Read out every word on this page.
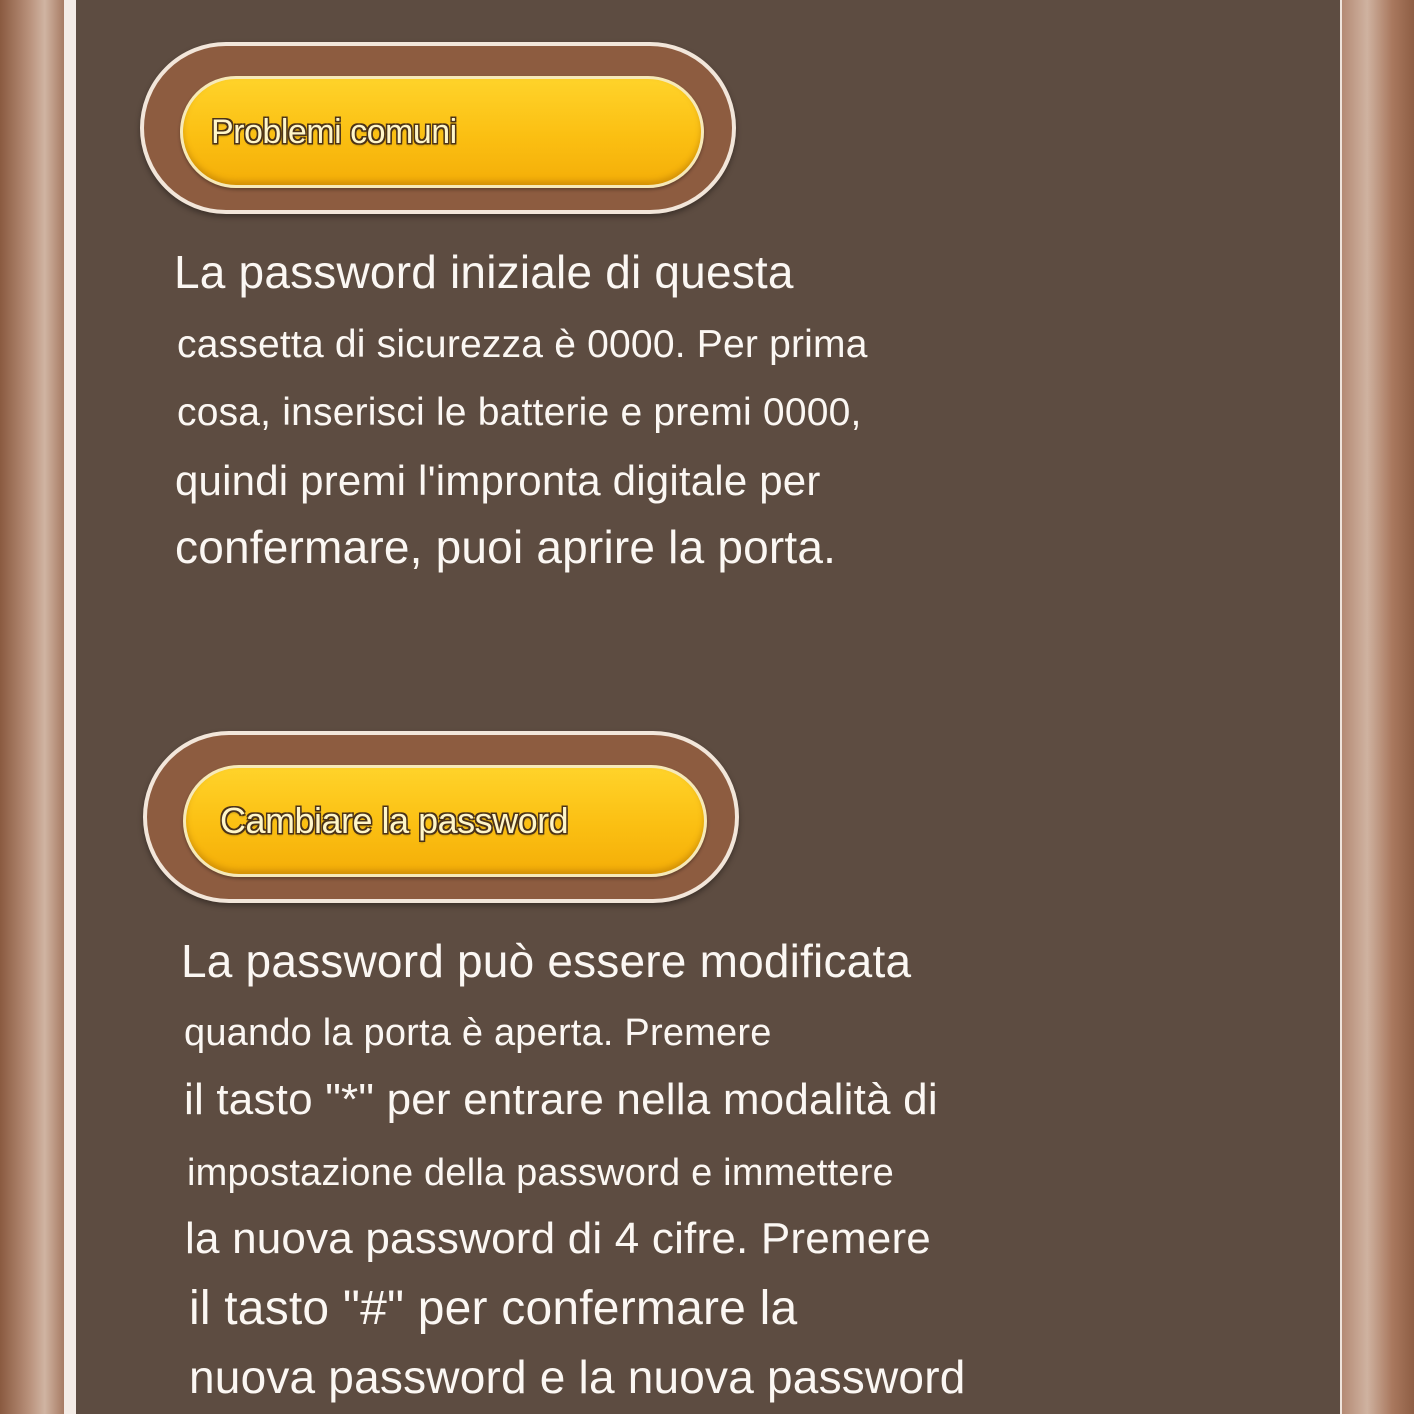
Problemi comuni
La password iniziale di questa
cassetta di sicurezza è 0000. Per prima
cosa, inserisci le batterie e premi 0000,
quindi premi l'impronta digitale per
confermare, puoi aprire la porta.
Cambiare la password
La password può essere modificata
quando la porta è aperta. Premere
il tasto "*" per entrare nella modalità di
impostazione della password e immettere
la nuova password di 4 cifre. Premere
il tasto "#" per confermare la
nuova password e la nuova password
